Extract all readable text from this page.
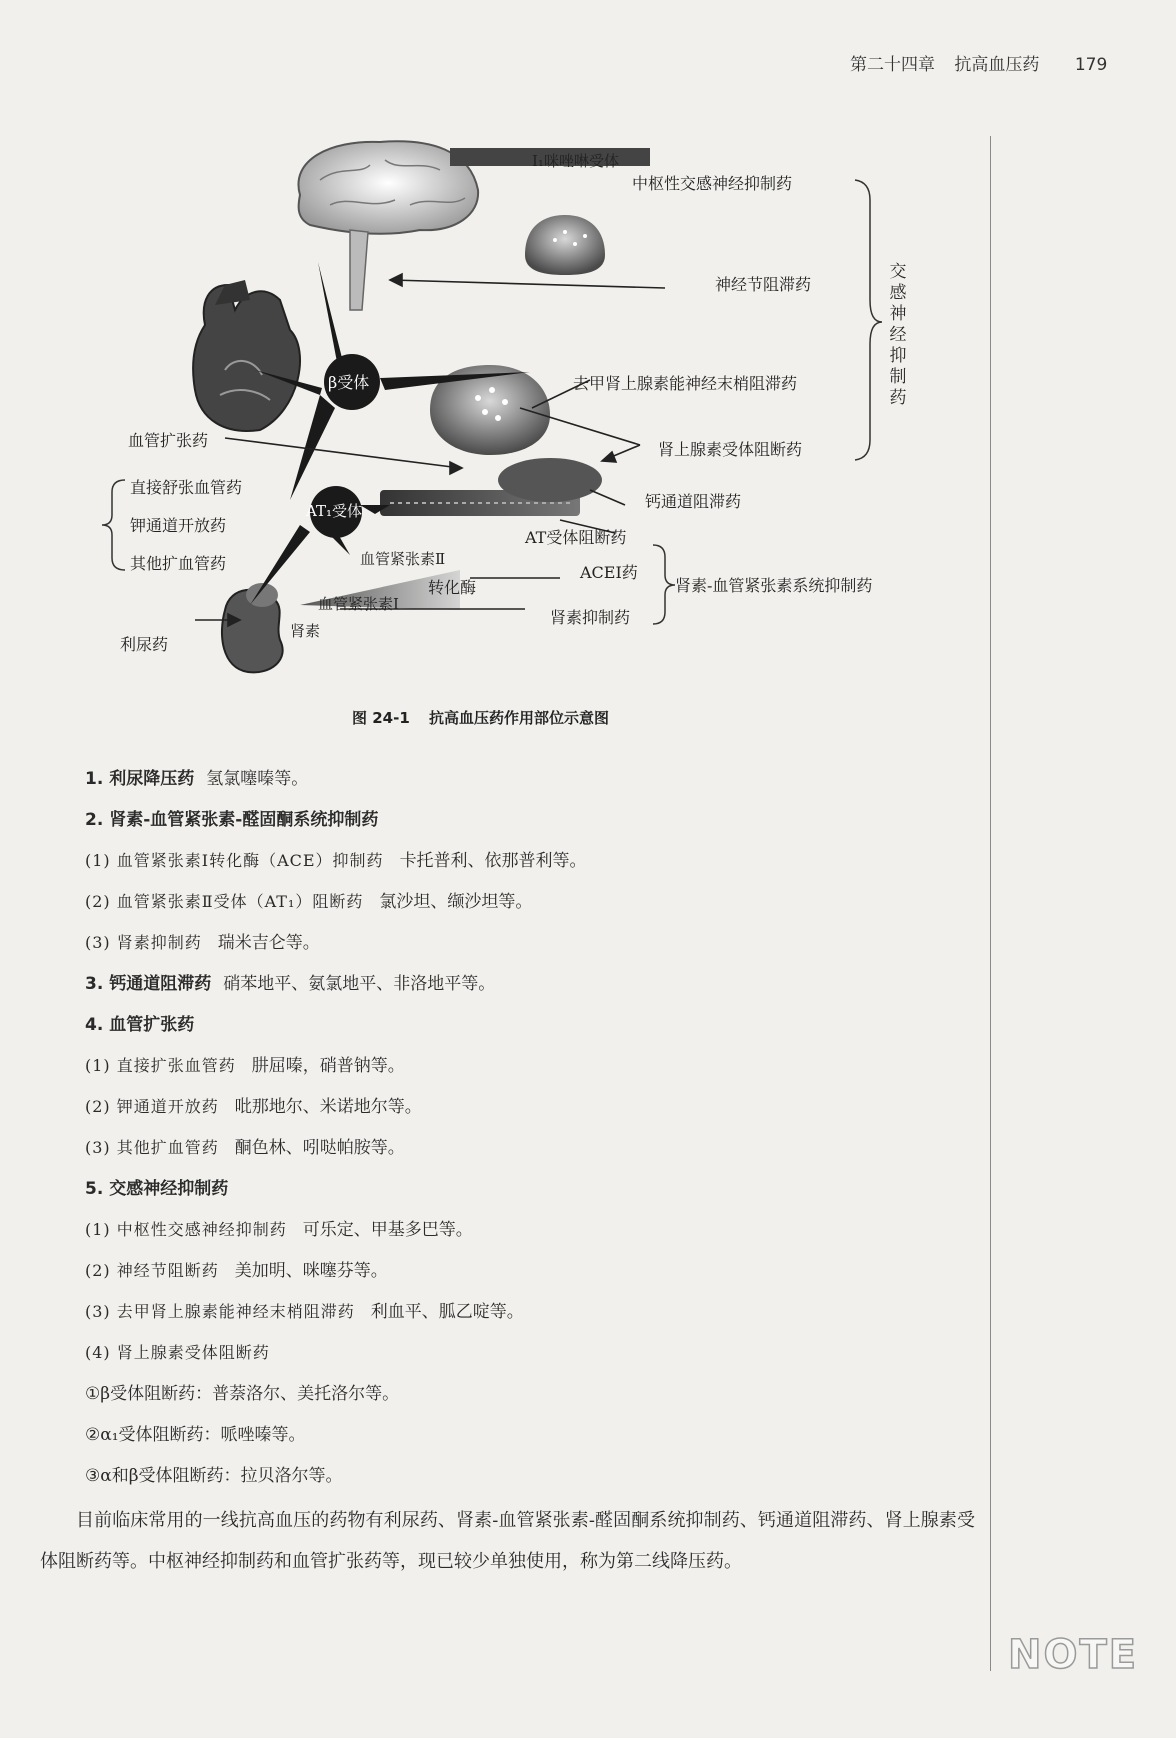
第二十四章 抗高血压药 179
I₁咪唑啉受体
中枢性交感神经抑制药
神经节阻滞药
β受体	去甲肾上腺素能神经末梢阻滞药
肾上腺素受体阻断药
血管扩张药
直接舒张血管药
钾通道开放药
其他扩血管药
钙通道阻滞药
AT₁受体
AT受体阻断药
血管紧张素Ⅱ
ACEI药
转化酶	肾素-血管紧张素系统抑制药
血管紧张素Ⅰ
肾素抑制药
肾素
利尿药
交感神经抑制药
图 24-1 抗高血压药作用部位示意图
1. 利尿降压药 氢氯噻嗪等。
2. 肾素-血管紧张素-醛固酮系统抑制药
(1) 血管紧张素Ⅰ转化酶（ACE）抑制药 卡托普利、依那普利等。
(2) 血管紧张素Ⅱ受体（AT₁）阻断药 氯沙坦、缬沙坦等。
(3) 肾素抑制药 瑞米吉仑等。
3. 钙通道阻滞药 硝苯地平、氨氯地平、非洛地平等。
4. 血管扩张药
(1) 直接扩张血管药 肼屈嗪，硝普钠等。
(2) 钾通道开放药 吡那地尔、米诺地尔等。
(3) 其他扩血管药 酮色林、吲哒帕胺等。
5. 交感神经抑制药
(1) 中枢性交感神经抑制药 可乐定、甲基多巴等。
(2) 神经节阻断药 美加明、咪噻芬等。
(3) 去甲肾上腺素能神经末梢阻滞药 利血平、胍乙啶等。
(4) 肾上腺素受体阻断药
①β受体阻断药：普萘洛尔、美托洛尔等。
②α₁受体阻断药：哌唑嗪等。
③α和β受体阻断药：拉贝洛尔等。
目前临床常用的一线抗高血压的药物有利尿药、肾素-血管紧张素-醛固酮系统抑制药、钙通道阻滞药、肾上腺素受体阻断药等。中枢神经抑制药和血管扩张药等，现已较少单独使用，称为第二线降压药。
NOTE
